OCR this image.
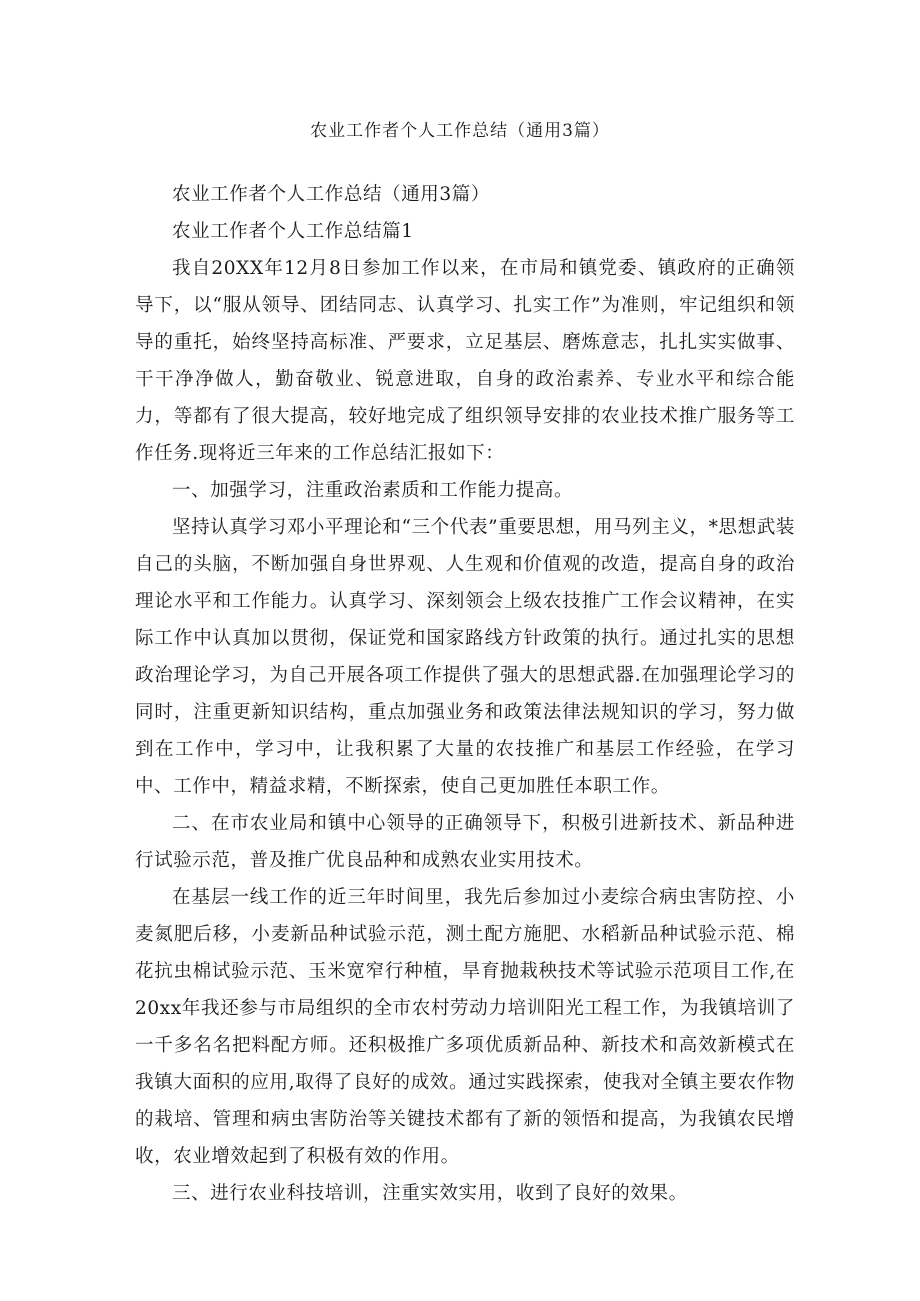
农业工作者个人工作总结（通用3篇）

农业工作者个人工作总结（通用3篇）

农业工作者个人工作总结篇1

我自20XX年12月8日参加工作以来，在市局和镇党委、镇政府的正确领导下，以“服从领导、团结同志、认真学习、扎实工作”为准则，牢记组织和领导的重托，始终坚持高标准、严要求，立足基层、磨炼意志，扎扎实实做事、干干净净做人，勤奋敬业、锐意进取，自身的政治素养、专业水平和综合能力，等都有了很大提高，较好地完成了组织领导安排的农业技术推广服务等工作任务.现将近三年来的工作总结汇报如下：

一、加强学习，注重政治素质和工作能力提高。

坚持认真学习邓小平理论和“三个代表”重要思想，用马列主义，*思想武装自己的头脑，不断加强自身世界观、人生观和价值观的改造，提高自身的政治理论水平和工作能力。认真学习、深刻领会上级农技推广工作会议精神，在实际工作中认真加以贯彻，保证党和国家路线方针政策的执行。通过扎实的思想政治理论学习，为自己开展各项工作提供了强大的思想武器.在加强理论学习的同时，注重更新知识结构，重点加强业务和政策法律法规知识的学习，努力做到在工作中，学习中，让我积累了大量的农技推广和基层工作经验，在学习中、工作中，精益求精，不断探索，使自己更加胜任本职工作。

二、在市农业局和镇中心领导的正确领导下，积极引进新技术、新品种进行试验示范，普及推广优良品种和成熟农业实用技术。

在基层一线工作的近三年时间里，我先后参加过小麦综合病虫害防控、小麦氮肥后移，小麦新品种试验示范，测土配方施肥、水稻新品种试验示范、棉花抗虫棉试验示范、玉米宽窄行种植，旱育抛栽秧技术等试验示范项目工作,在20xx年我还参与市局组织的全市农村劳动力培训阳光工程工作，为我镇培训了一千多名名把料配方师。还积极推广多项优质新品种、新技术和高效新模式在我镇大面积的应用,取得了良好的成效。通过实践探索，使我对全镇主要农作物的栽培、管理和病虫害防治等关键技术都有了新的领悟和提高，为我镇农民增收，农业增效起到了积极有效的作用。

三、进行农业科技培训，注重实效实用，收到了良好的效果。
